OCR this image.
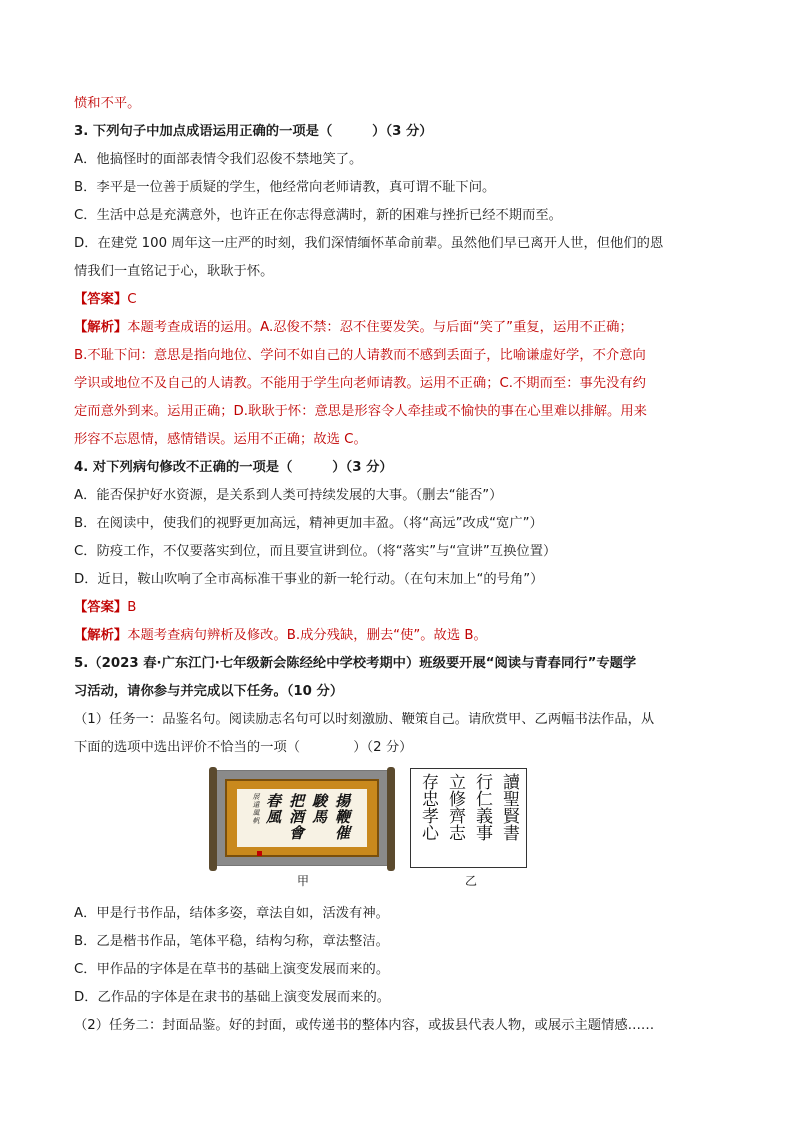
愤和不平。
3. 下列句子中加点成语运用正确的一项是（　　　）（3 分）
A．他搞怪时的面部表情令我们忍俊不禁地笑了。
B．李平是一位善于质疑的学生，他经常向老师请教，真可谓不耻下问。
C．生活中总是充满意外，也许正在你志得意满时，新的困难与挫折已经不期而至。
D．在建党 100 周年这一庄严的时刻，我们深情缅怀革命前辈。虽然他们早已离开人世，但他们的恩
情我们一直铭记于心，耿耿于怀。
【答案】C
【解析】本题考查成语的运用。A.忍俊不禁：忍不住要发笑。与后面“笑了”重复，运用不正确；
B.不耻下问：意思是指向地位、学问不如自己的人请教而不感到丢面子，比喻谦虚好学，不介意向
学识或地位不及自己的人请教。不能用于学生向老师请教。运用不正确；C.不期而至：事先没有约
定而意外到来。运用正确；D.耿耿于怀：意思是形容令人牵挂或不愉快的事在心里难以排解。用来
形容不忘恩情，感情错误。运用不正确；故选 C。
4. 对下列病句修改不正确的一项是（　　　）（3 分）
A．能否保护好水资源，是关系到人类可持续发展的大事。（删去“能否”）
B．在阅读中，使我们的视野更加高远，精神更加丰盈。（将“高远”改成“宽广”）
C．防疫工作，不仅要落实到位，而且要宣讲到位。（将“落实”与“宣讲”互换位置）
D．近日，鞍山吹响了全市高标准干事业的新一轮行动。（在句末加上“的号角”）
【答案】B
【解析】本题考查病句辨析及修改。B.成分残缺，删去“使”。故选 B。
5.（2023 春·广东江门·七年级新会陈经纶中学校考期中）班级要开展“阅读与青春同行”专题学
习活动，请你参与并完成以下任务。（10 分）
（1）任务一：品鉴名句。阅读励志名句可以时刻激励、鞭策自己。请欣赏甲、乙两幅书法作品，从
下面的选项中选出评价不恰当的一项（　　　　）（2 分）
揚鞭催
駿馬
把酒會
春風
展遠風帆	讀聖賢書
行仁義事
立修齊志
存忠孝心
甲	乙
A．甲是行书作品，结体多姿，章法自如，活泼有神。
B．乙是楷书作品，笔体平稳，结构匀称，章法整洁。
C．甲作品的字体是在草书的基础上演变发展而来的。
D．乙作品的字体是在隶书的基础上演变发展而来的。
（2）任务二：封面品鉴。好的封面，或传递书的整体内容，或拔县代表人物，或展示主题情感……
